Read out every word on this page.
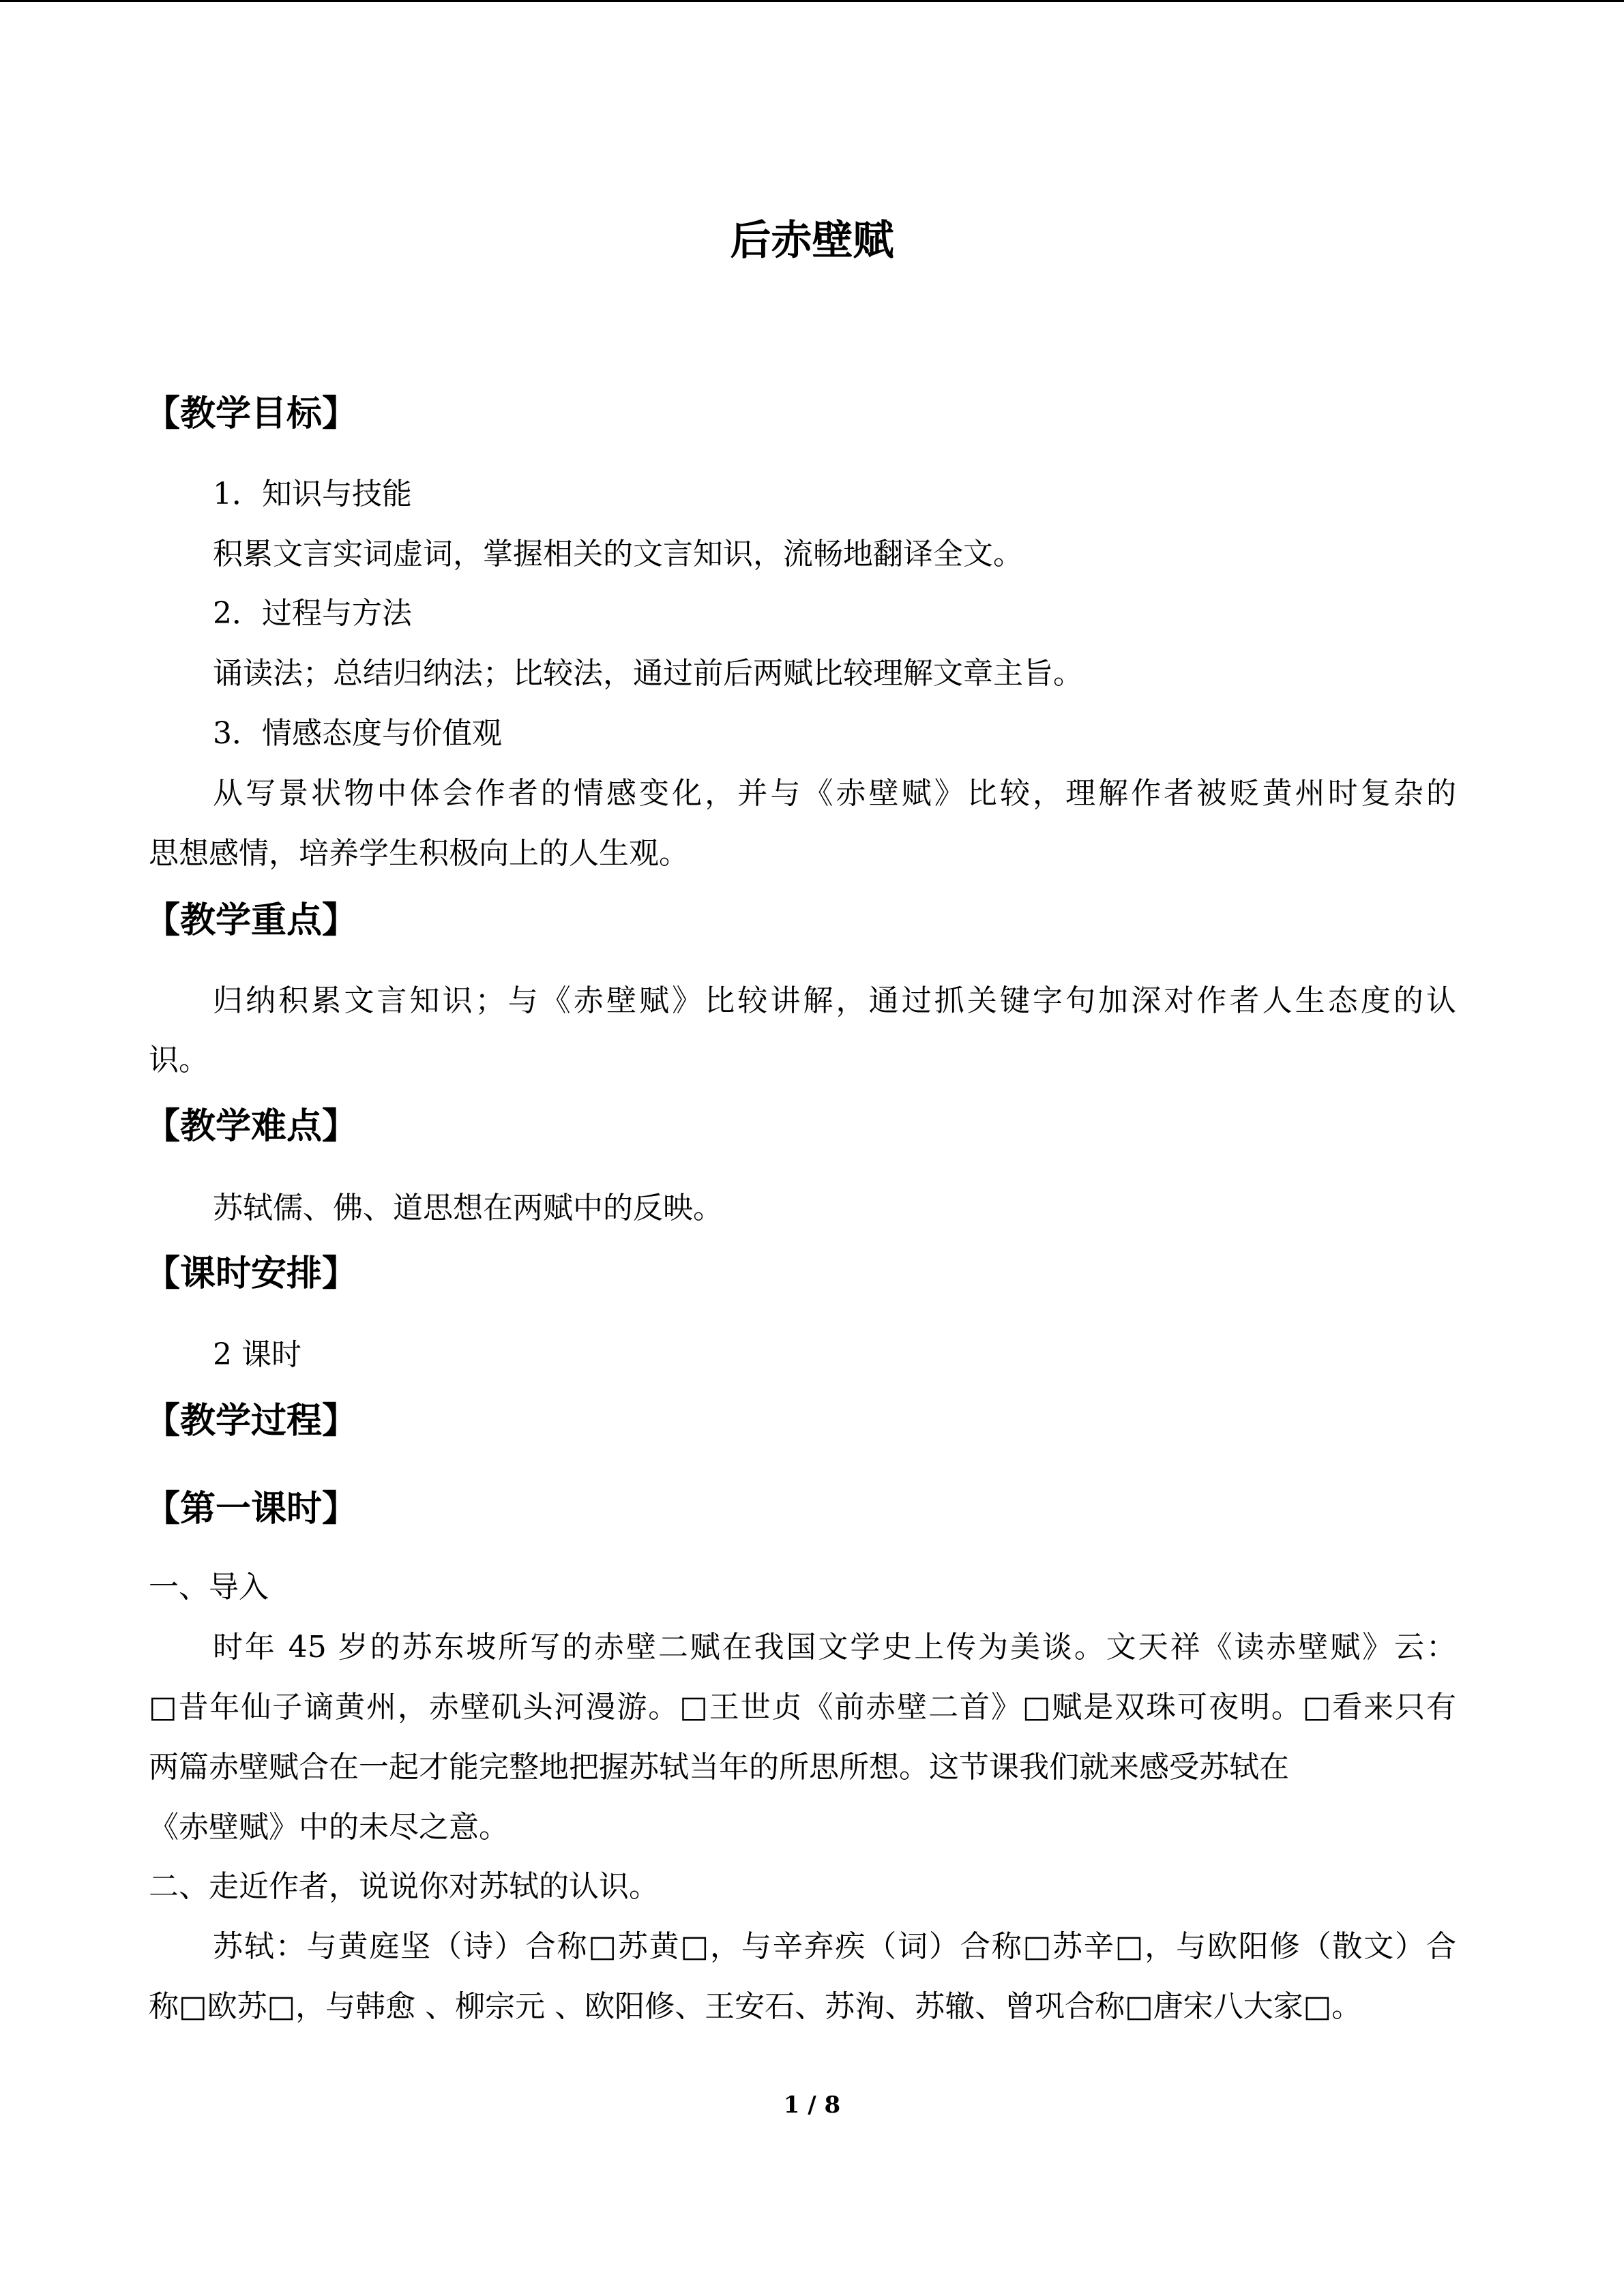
后赤壁赋
【教学目标】
1．知识与技能
积累文言实词虚词，掌握相关的文言知识，流畅地翻译全文。
2．过程与方法
诵读法；总结归纳法；比较法，通过前后两赋比较理解文章主旨。
3．情感态度与价值观
从写景状物中体会作者的情感变化，并与《赤壁赋》比较，理解作者被贬黄州时复杂的
思想感情，培养学生积极向上的人生观。
【教学重点】
归纳积累文言知识；与《赤壁赋》比较讲解，通过抓关键字句加深对作者人生态度的认
识。
【教学难点】
苏轼儒、佛、道思想在两赋中的反映。
【课时安排】
2 课时
【教学过程】
【第一课时】
一、导入
时年 45 岁的苏东坡所写的赤壁二赋在我国文学史上传为美谈。文天祥《读赤壁赋》云：
□昔年仙子谪黄州，赤壁矶头河漫游。□王世贞《前赤壁二首》□赋是双珠可夜明。□看来只有
两篇赤壁赋合在一起才能完整地把握苏轼当年的所思所想。这节课我们就来感受苏轼在
《赤壁赋》中的未尽之意。
二、走近作者，说说你对苏轼的认识。
苏轼：与黄庭坚（诗）合称□苏黄□，与辛弃疾（词）合称□苏辛□，与欧阳修（散文）合
称□欧苏□，与韩愈 、柳宗元 、欧阳修、王安石、苏洵、苏辙、曾巩合称□唐宋八大家□。
1 / 8
